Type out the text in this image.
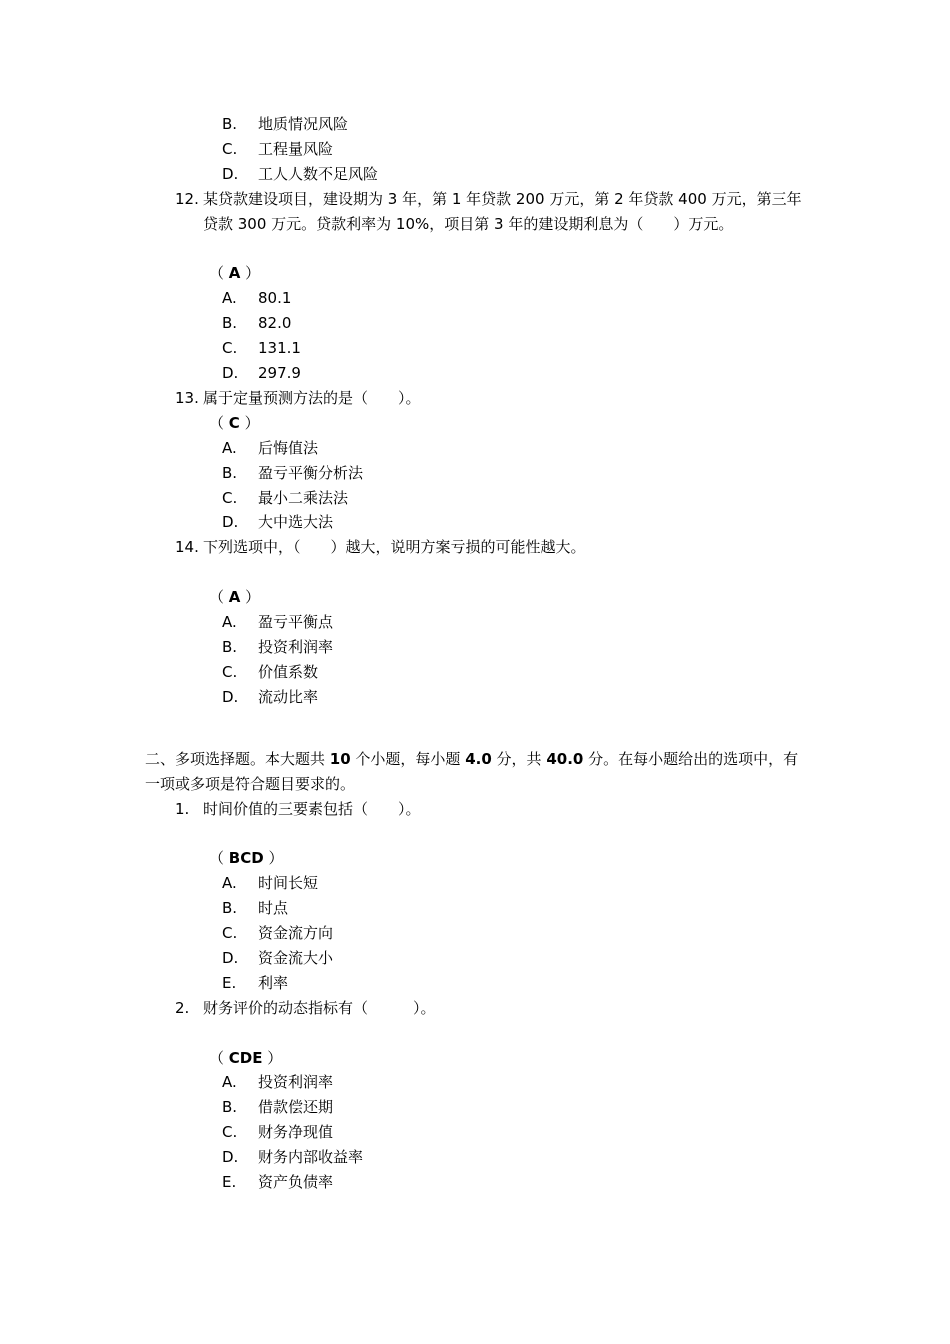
B. 地质情况风险
C. 工程量风险
D. 工人人数不足风险
12. 某贷款建设项目，建设期为 3 年，第 1 年贷款 200 万元，第 2 年贷款 400 万元，第三年贷款 300 万元。贷款利率为 10%，项目第 3 年的建设期利息为（　　）万元。
（ A ）
A. 80.1
B. 82.0
C. 131.1
D. 297.9
13. 属于定量预测方法的是（　　）。
（ C ）
A. 后悔值法
B. 盈亏平衡分析法
C. 最小二乘法法
D. 大中选大法
14. 下列选项中，（　　）越大，说明方案亏损的可能性越大。
（ A ）
A. 盈亏平衡点
B. 投资利润率
C. 价值系数
D. 流动比率
二、多项选择题。本大题共 10 个小题，每小题 4.0 分，共 40.0 分。在每小题给出的选项中，有一项或多项是符合题目要求的。
1. 时间价值的三要素包括（　　）。
（ BCD ）
A. 时间长短
B. 时点
C. 资金流方向
D. 资金流大小
E. 利率
2. 财务评价的动态指标有（　　　）。
（ CDE ）
A. 投资利润率
B. 借款偿还期
C. 财务净现值
D. 财务内部收益率
E. 资产负债率
